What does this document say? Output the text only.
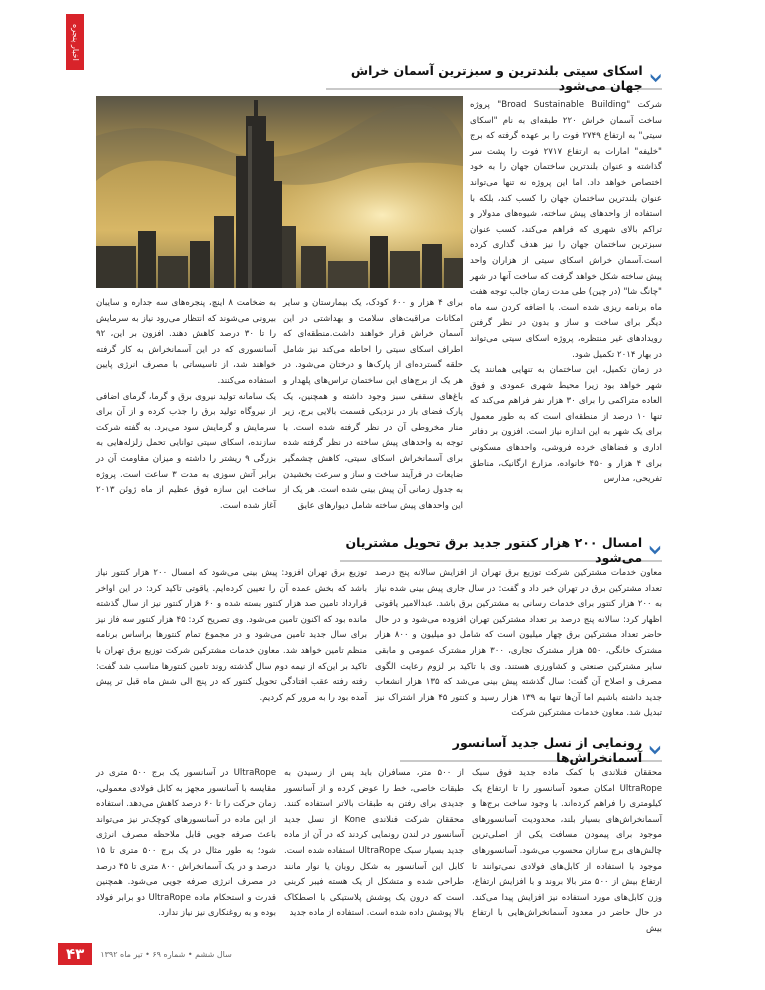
اخبار پنجره
اسکای سیتی بلندترین و سبزترین آسمان خراش جهان می‌شود

شرکت "Broad Sustainable Building" پروژه ساخت آسمان خراش ۲۲۰ طبقه‌ای به نام "اسکای سیتی" به ارتفاع ۲۷۴۹ فوت را بر عهده گرفته که برج "خلیفه" امارات به ارتفاع ۲۷۱۷ فوت را پشت سر گذاشته و عنوان بلندترین ساختمان جهان را به خود اختصاص خواهد داد. اما این پروژه نه تنها می‌تواند عنوان بلندترین ساختمان جهان را کسب کند، بلکه با استفاده از واحدهای پیش ساخته، شیوه‌های مدولار و تراکم بالای شهری که فراهم می‌کند، کسب عنوان سبزترین ساختمان جهان را نیز هدف گذاری کرده است.آسمان خراش اسکای سیتی از هزاران واحد پیش ساخته شکل خواهد گرفت که ساخت آنها در شهر "چانگ شا" (در چین) طی مدت زمان جالب توجه هفت ماه برنامه ریزی شده است. با اضافه کردن سه ماه دیگر برای ساخت و ساز و بدون در نظر گرفتن رویدادهای غیر منتظره، پروژه اسکای سیتی می‌تواند در بهار ۲۰۱۴ تکمیل شود.

در زمان تکمیل، این ساختمان به تنهایی همانند یک شهر خواهد بود زیرا محیط شهری عمودی و فوق العاده متراکمی را برای ۳۰ هزار نفر فراهم می‌کند که تنها ۱۰ درصد از منطقه‌ای است که به طور معمول برای یک شهر به این اندازه نیاز است. افزون بر دفاتر اداری و فضاهای خرده فروشی، واحدهای مسکونی برای ۴ هزار و ۴۵۰ خانواده، مزارع ارگانیک، مناطق تفریحی، مدارس

برای ۴ هزار و ۶۰۰ کودک، یک بیمارستان و سایر امکانات مراقبت‌های سلامت و بهداشتی در این آسمان خراش قرار خواهند داشت.منطقه‌ای که اطراف اسکای سیتی را احاطه می‌کند نیز شامل حلقه گسترده‌ای از پارک‌ها و درختان می‌شود. در هر یک از برج‌های این ساختمان تراس‌های پلهدار و باغ‌های سقفی سبز وجود داشته و همچنین، یک پارک فضای باز در نزدیکی قسمت بالایی برج، زیر منار مخروطی آن در نظر گرفته شده است. با توجه به واحدهای پیش ساخته در نظر گرفته شده برای آسمانخراش اسکای سیتی، کاهش چشمگیر ضایعات در فرآیند ساخت و ساز و سرعت بخشیدن به جدول زمانی آن پیش بینی شده است. هر یک از این واحدهای پیش ساخته شامل دیوارهای عایق

به ضخامت ۸ اینچ، پنجره‌های سه جداره و سایبان بیرونی می‌شوند که انتظار می‌رود نیاز به سرمایش را تا ۳۰ درصد کاهش دهند. افزون بر این، ۹۲ آسانسوری که در این آسمانخراش به کار گرفته خواهند شد، از تاسیساتی با مصرف انرژی پایین استفاده می‌کنند.

یک سامانه تولید نیروی برق و گرما، گرمای اضافی از نیروگاه تولید برق را جذب کرده و از آن برای سرمایش و گرمایش سود می‌برد. به گفته شرکت سازنده، اسکای سیتی توانایی تحمل زلزله‌هایی به بزرگی ۹ ریشتر را داشته و میزان مقاومت آن در برابر آتش سوزی به مدت ۳ ساعت است. پروژه ساخت این سازه فوق عظیم از ماه ژوئن ۲۰۱۳ آغاز شده است.

امسال ۲۰۰ هزار کنتور جدید برق تحویل مشتریان می‌شود

معاون خدمات مشترکین شرکت توزیع برق تهران از افزایش سالانه پنج درصد تعداد مشترکین برق در تهران خبر داد و گفت: در سال جاری پیش بینی شده نیاز به ۲۰۰ هزار کنتور برای خدمات رسانی به مشترکین برق باشد. عبدالامیر یاقوتی اظهار کرد: سالانه پنج درصد بر تعداد مشترکین تهران افزوده می‌شود و در حال حاضر تعداد مشترکین برق چهار میلیون است که شامل دو میلیون و ۸۰۰ هزار مشترک خانگی، ۵۵۰ هزار مشترک تجاری، ۳۰۰ هزار مشترک عمومی و مابقی سایر مشترکین صنعتی و کشاورزی هستند. وی با تاکید بر لزوم رعایت الگوی مصرف و اصلاح آن گفت: سال گذشته پیش بینی می‌شد که ۱۳۵ هزار انشعاب جدید داشته باشیم اما آن‌ها تنها به ۱۳۹ هزار رسید و کنتور ۴۵ هزار اشتراک نیز تبدیل شد. معاون خدمات مشترکین شرکت

توزیع برق تهران افزود: پیش بینی می‌شود که امسال ۲۰۰ هزار کنتور نیاز باشد که بخش عمده آن را تعیین کرده‌ایم. یاقوتی تاکید کرد: در این اواخر قرارداد تامین صد هزار کنتور بسته شده و ۶۰ هزار کنتور نیز از سال گذشته مانده بود که اکنون تامین می‌شود. وی تصریح کرد: ۴۵ هزار کنتور سه فاز نیز برای سال جدید تامین می‌شود و در مجموع تمام کنتورها براساس برنامه منظم تامین خواهد شد. معاون خدمات مشترکین شرکت توزیع برق تهران با تاکید بر این‌که از نیمه دوم سال گذشته روند تامین کنتورها مناسب شد گفت: رفته رفته عقب افتادگی تحویل کنتور که در پنج الی شش ماه قبل تر پیش آمده بود را به مرور کم کردیم.

رونمایی از نسل جدید آسانسور آسمانخراش‌ها

محققان فنلاندی با کمک ماده جدید فوق سبک UltraRope امکان صعود آسانسور را تا ارتفاع یک کیلومتری را فراهم کرده‌اند. با وجود ساخت برج‌ها و آسمانخراش‌های بسیار بلند، محدودیت آسانسورهای موجود برای پیمودن مسافت یکی از اصلی‌ترین چالش‌های برج سازان محسوب می‌شود. آسانسورهای موجود با استفاده از کابل‌های فولادی نمی‌توانند تا ارتفاع بیش از ۵۰۰ متر بالا بروند و با افزایش ارتفاع، وزن کابل‌های مورد استفاده نیز افزایش پیدا می‌کند. در حال حاضر در معدود آسمانخراش‌هایی با ارتفاع بیش

از ۵۰۰ متر، مسافران باید پس از رسیدن به طبقات خاصی، خط را عوض کرده و از آسانسور جدیدی برای رفتن به طبقات بالاتر استفاده کنند. محققان شرکت فنلاندی Kone از نسل جدید آسانسور در لندن رونمایی کردند که در آن از ماده جدید بسیار سبک UltraRope استفاده شده است. کابل این آسانسور به شکل روبان یا نوار مانند طراحی شده و متشکل از یک هسته فیبر کربنی است که درون یک پوشش پلاستیکی با اصطکاک بالا پوشش داده شده است. استفاده از ماده جدید

UltraRope در آسانسور یک برج ۵۰۰ متری در مقایسه با آسانسور مجهز به کابل فولادی معمولی، زمان حرکت را تا ۶۰ درصد کاهش می‌دهد. استفاده از این ماده در آسانسورهای کوچک‌تر نیز می‌تواند باعث صرفه جویی قابل ملاحظه مصرف انرژی شود؛ به طور مثال در یک برج ۵۰۰ متری تا ۱۵ درصد و در یک آسمانخراش ۸۰۰ متری تا ۴۵ درصد در مصرف انرژی صرفه جویی می‌شود. همچنین قدرت و استحکام ماده UltraRope دو برابر فولاد بوده و به روغنکاری نیز نیاز ندارد.

۴۳	سال ششم • شماره ۶۹ • تیر ماه ۱۳۹۲
